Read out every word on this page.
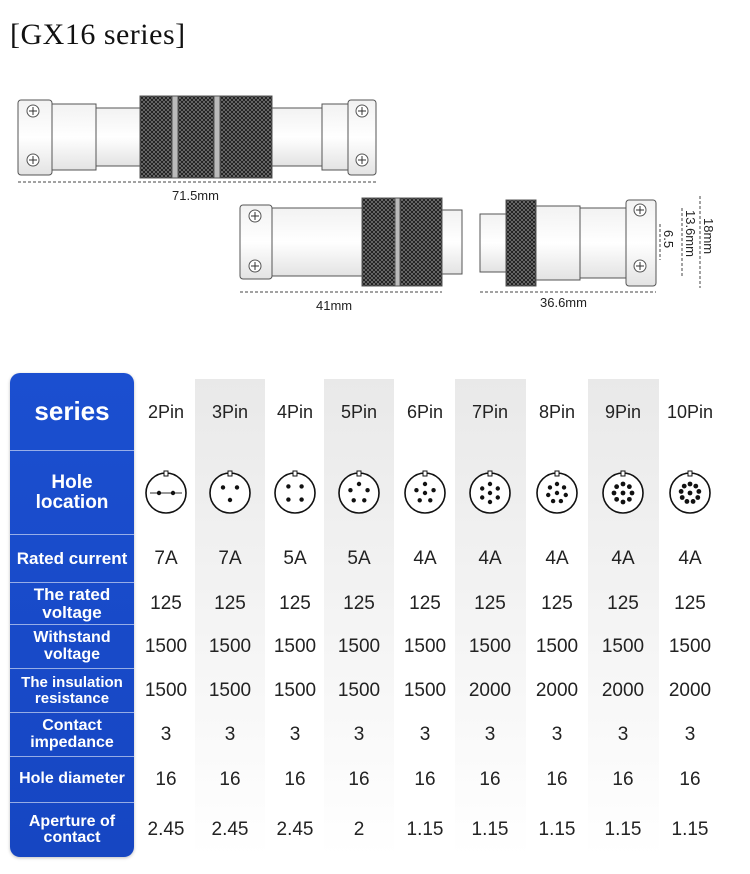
[GX16 series]
71.5mm
41mm	36.6mm
6.5 13.6mm 18mm
2Pin
7A
125
1500
1500
3
16
2.45
3Pin
7A
125
1500
1500
3
16
2.45
4Pin
5A
125
1500
1500
3
16
2.45
5Pin
5A
125
1500
1500
3
16
2
6Pin
4A
125
1500
1500
3
16
1.15
7Pin
4A
125
1500
2000
3
16
1.15
8Pin
4A
125
1500
2000
3
16
1.15
9Pin
4A
125
1500
2000
3
16
1.15
10Pin
4A
125
1500
2000
3
16
1.15
series
Hole location
Rated current
The rated voltage
Withstand voltage
The insulation resistance
Contact impedance
Hole diameter
Aperture of contact
